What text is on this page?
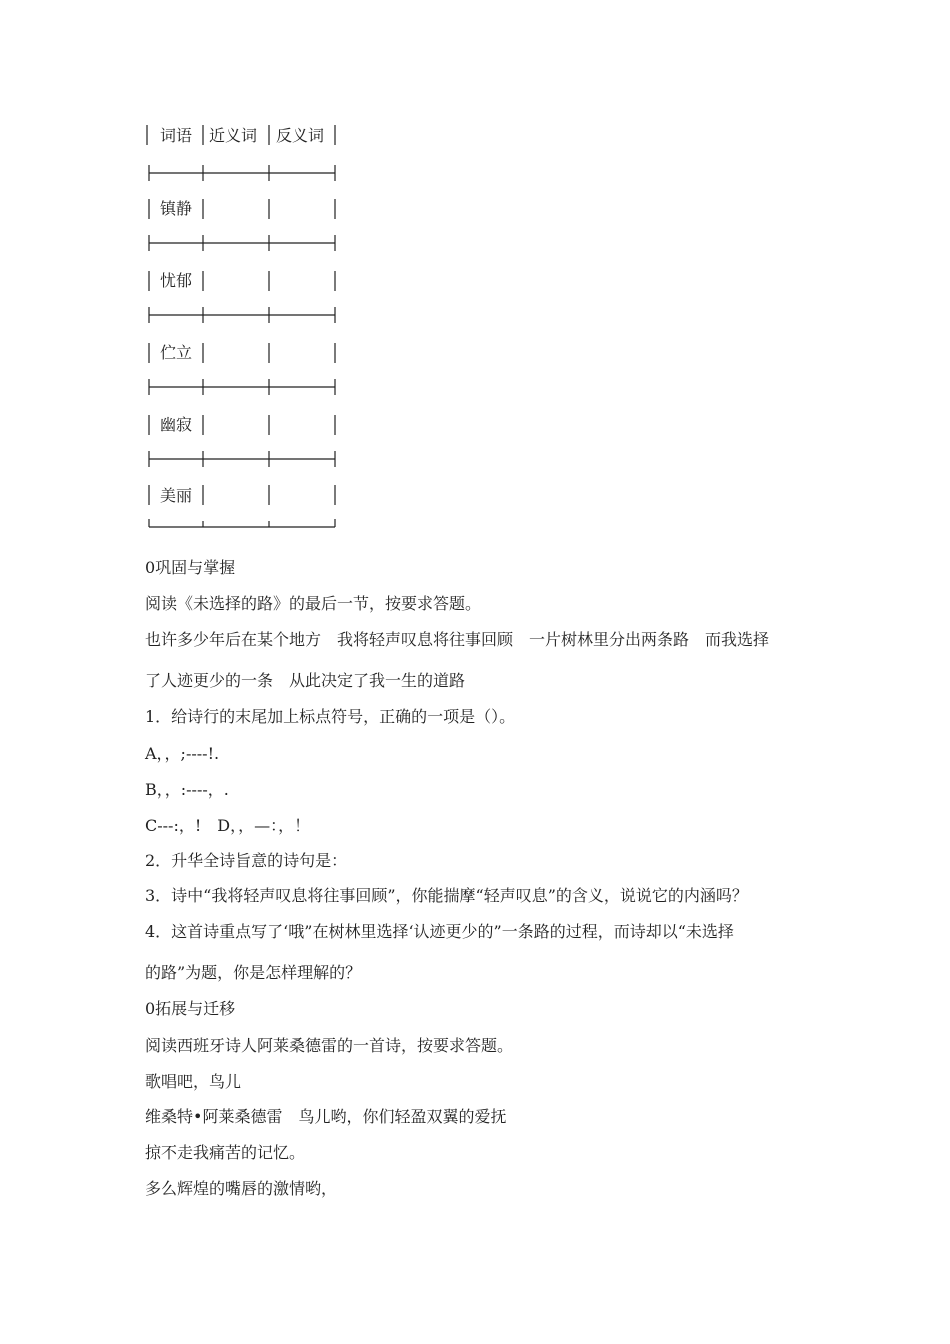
词语 近义词 反义词
镇静
忧郁
伫立
幽寂
美丽
0巩固与掌握
阅读《未选择的路》的最后一节，按要求答题。
也许多少年后在某个地方　我将轻声叹息将往事回顾　一片树林里分出两条路　而我选择
了人迹更少的一条　从此决定了我一生的道路
1．给诗行的末尾加上标点符号，正确的一项是（）。
A，，;----!.
B，，:----，.
C---:，!　D，，—：，！
2．升华全诗旨意的诗句是：
3．诗中“我将轻声叹息将往事回顾”，你能揣摩“轻声叹息”的含义，说说它的内涵吗？
4．这首诗重点写了‘哦”在树林里选择‘认迹更少的”一条路的过程，而诗却以“未选择
的路”为题，你是怎样理解的？
0拓展与迁移
阅读西班牙诗人阿莱桑德雷的一首诗，按要求答题。
歌唱吧，鸟儿
维桑特•阿莱桑德雷　鸟儿哟，你们轻盈双翼的爱抚
掠不走我痛苦的记忆。
多么辉煌的嘴唇的激情哟，
